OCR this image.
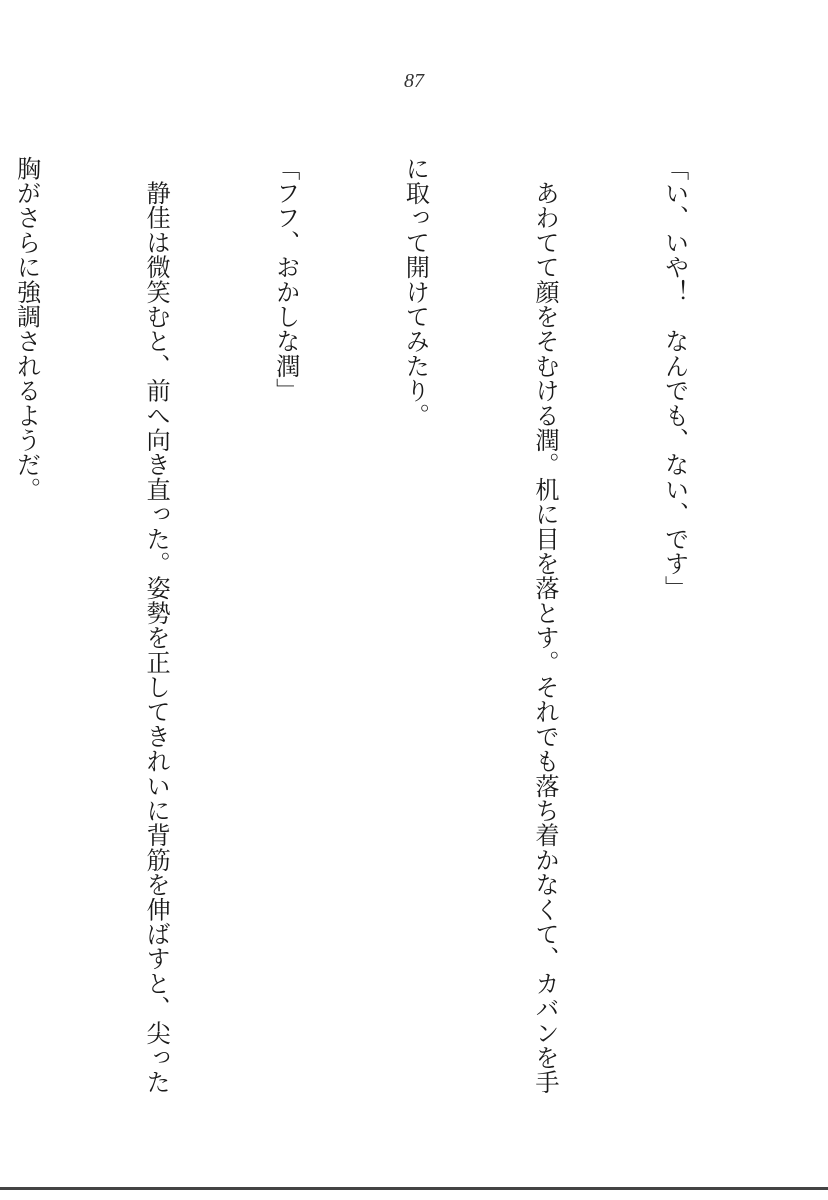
87

「い、いや！　なんでも、ない、です」

　あわてて顔をそむける潤。机に目を落とす。それでも落ち着かなくて、カバンを手

に取って開けてみたり。

「フフ、おかしな潤」

　静佳は微笑むと、前へ向き直った。姿勢を正してきれいに背筋を伸ばすと、尖った

胸がさらに強調されるようだ。
